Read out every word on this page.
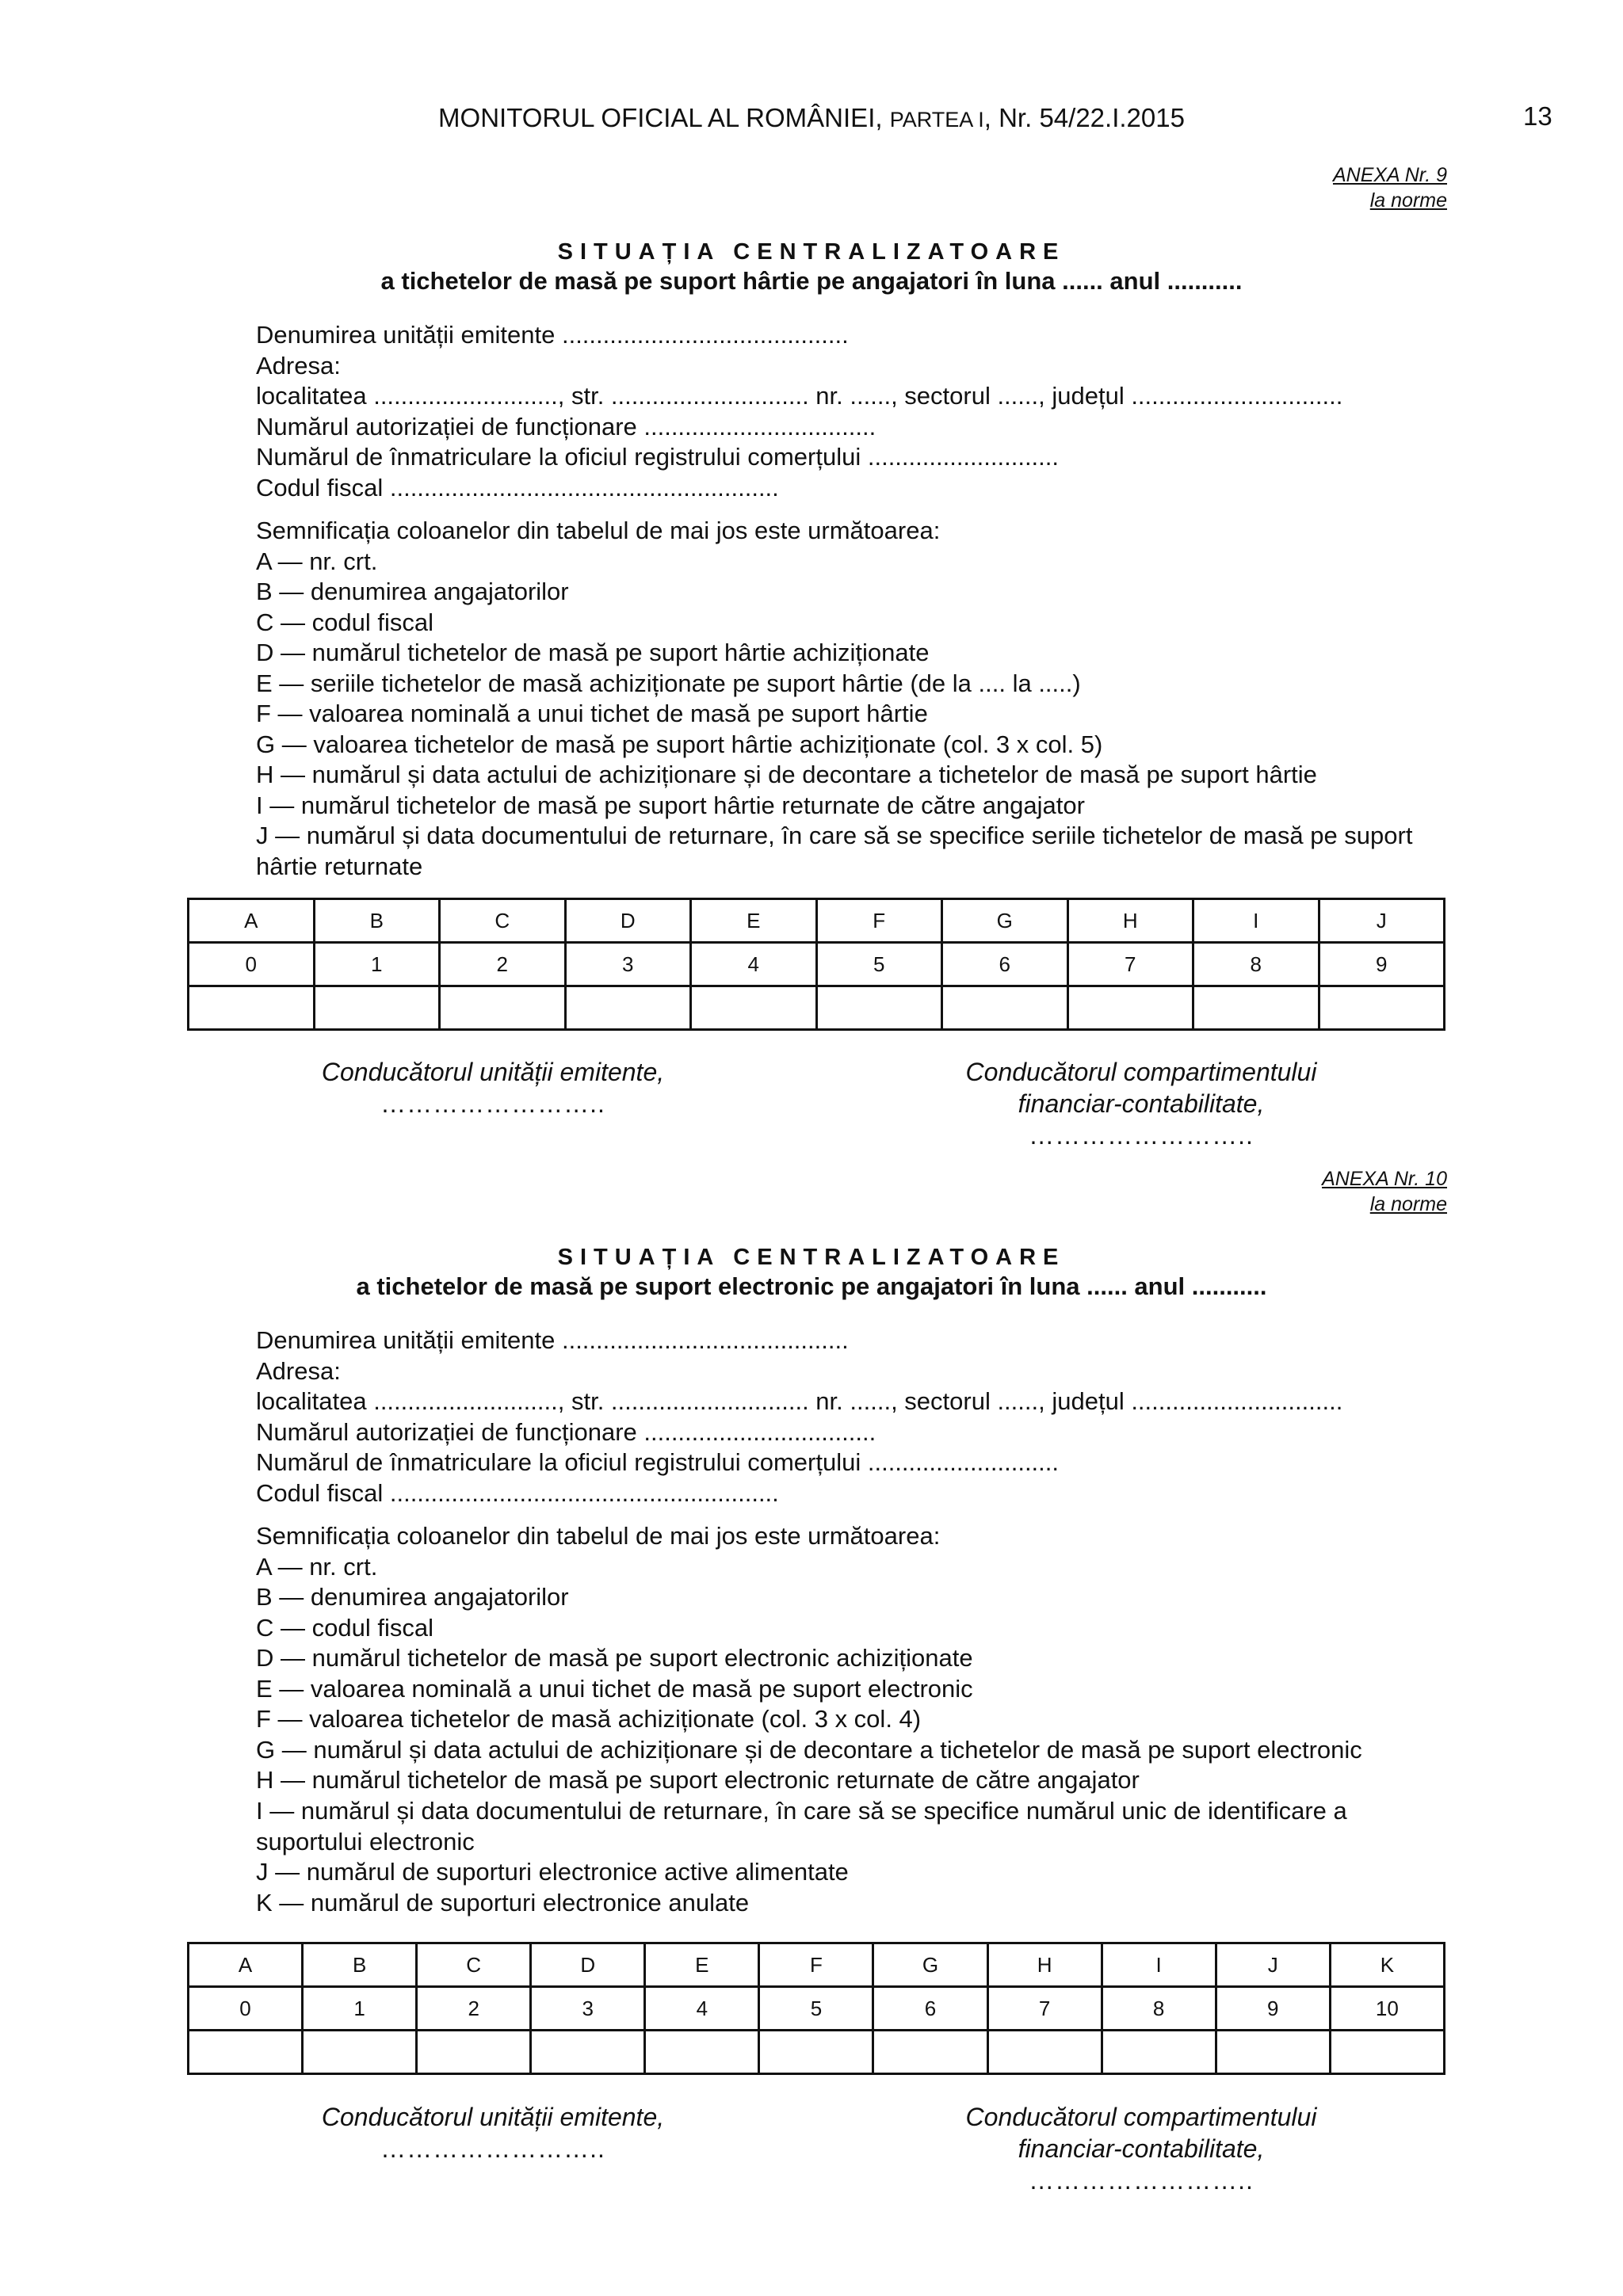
MONITORUL OFICIAL AL ROMÂNIEI, PARTEA I, Nr. 54/22.I.2015	13
ANEXA Nr. 9
la norme
SITUAȚIA CENTRALIZATOARE
a tichetelor de masă pe suport hârtie pe angajatori în luna ...... anul ...........
Denumirea unității emitente ..........................................
Adresa:
localitatea ..........................., str. ............................. nr. ......, sectorul ......, județul ...............................
Numărul autorizației de funcționare ..................................
Numărul de înmatriculare la oficiul registrului comerțului ............................
Codul fiscal .........................................................
Semnificația coloanelor din tabelul de mai jos este următoarea:
A — nr. crt.
B — denumirea angajatorilor
C — codul fiscal
D — numărul tichetelor de masă pe suport hârtie achiziționate
E — seriile tichetelor de masă achiziționate pe suport hârtie (de la .... la .....)
F — valoarea nominală a unui tichet de masă pe suport hârtie
G — valoarea tichetelor de masă pe suport hârtie achiziționate (col. 3 x col. 5)
H — numărul și data actului de achiziționare și de decontare a tichetelor de masă pe suport hârtie
I — numărul tichetelor de masă pe suport hârtie returnate de către angajator
J — numărul și data documentului de returnare, în care să se specifice seriile tichetelor de masă pe suport hârtie returnate
A	B	C	D	E	F	G	H	I	J
0	1	2	3	4	5	6	7	8	9

Conducătorul unității emitente,
……………………..
Conducătorul compartimentului
financiar-contabilitate,
……………………..
ANEXA Nr. 10
la norme
SITUAȚIA CENTRALIZATOARE
a tichetelor de masă pe suport electronic pe angajatori în luna ...... anul ...........
Denumirea unității emitente ..........................................
Adresa:
localitatea ..........................., str. ............................. nr. ......, sectorul ......, județul ...............................
Numărul autorizației de funcționare ..................................
Numărul de înmatriculare la oficiul registrului comerțului ............................
Codul fiscal .........................................................
Semnificația coloanelor din tabelul de mai jos este următoarea:
A — nr. crt.
B — denumirea angajatorilor
C — codul fiscal
D — numărul tichetelor de masă pe suport electronic achiziționate
E — valoarea nominală a unui tichet de masă pe suport electronic
F — valoarea tichetelor de masă achiziționate (col. 3 x col. 4)
G — numărul și data actului de achiziționare și de decontare a tichetelor de masă pe suport electronic
H — numărul tichetelor de masă pe suport electronic returnate de către angajator
I — numărul și data documentului de returnare, în care să se specifice numărul unic de identificare a suportului electronic
J — numărul de suporturi electronice active alimentate
K — numărul de suporturi electronice anulate
A	B	C	D	E	F	G	H	I	J	K
0	1	2	3	4	5	6	7	8	9	10

Conducătorul unității emitente,
……………………..
Conducătorul compartimentului
financiar-contabilitate,
……………………..
